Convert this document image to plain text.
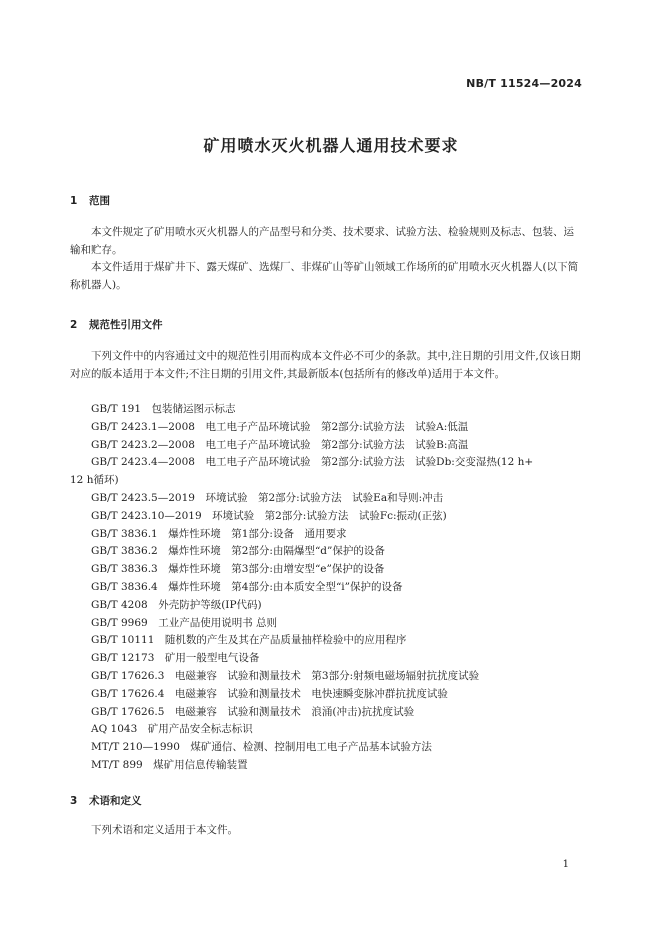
NB/T 11524—2024
矿用喷水灭火机器人通用技术要求
1 范围

本文件规定了矿用喷水灭火机器人的产品型号和分类、技术要求、试验方法、检验规则及标志、包装、运输和贮存。

本文件适用于煤矿井下、露天煤矿、选煤厂、非煤矿山等矿山领域工作场所的矿用喷水灭火机器人(以下简称机器人)。

2 规范性引用文件

下列文件中的内容通过文中的规范性引用而构成本文件必不可少的条款。其中,注日期的引用文件,仅该日期对应的版本适用于本文件;不注日期的引用文件,其最新版本(包括所有的修改单)适用于本文件。

GB/T 191　包装储运图示标志
GB/T 2423.1—2008　电工电子产品环境试验　第2部分:试验方法　试验A:低温
GB/T 2423.2—2008　电工电子产品环境试验　第2部分:试验方法　试验B:高温
GB/T 2423.4—2008　电工电子产品环境试验　第2部分:试验方法　试验Db:交变湿热(12 h+
12 h循环)
GB/T 2423.5—2019　环境试验　第2部分:试验方法　试验Ea和导则:冲击
GB/T 2423.10—2019　环境试验　第2部分:试验方法　试验Fc:振动(正弦)
GB/T 3836.1　爆炸性环境　第1部分:设备　通用要求
GB/T 3836.2　爆炸性环境　第2部分:由隔爆型“d”保护的设备
GB/T 3836.3　爆炸性环境　第3部分:由增安型“e”保护的设备
GB/T 3836.4　爆炸性环境　第4部分:由本质安全型“i”保护的设备
GB/T 4208　外壳防护等级(IP代码)
GB/T 9969　工业产品使用说明书 总则
GB/T 10111　随机数的产生及其在产品质量抽样检验中的应用程序
GB/T 12173　矿用一般型电气设备
GB/T 17626.3　电磁兼容　试验和测量技术　第3部分:射频电磁场辐射抗扰度试验
GB/T 17626.4　电磁兼容　试验和测量技术　电快速瞬变脉冲群抗扰度试验
GB/T 17626.5　电磁兼容　试验和测量技术　浪涌(冲击)抗扰度试验
AQ 1043　矿用产品安全标志标识
MT/T 210—1990　煤矿通信、检测、控制用电工电子产品基本试验方法
MT/T 899　煤矿用信息传输装置
3 术语和定义

下列术语和定义适用于本文件。

1
